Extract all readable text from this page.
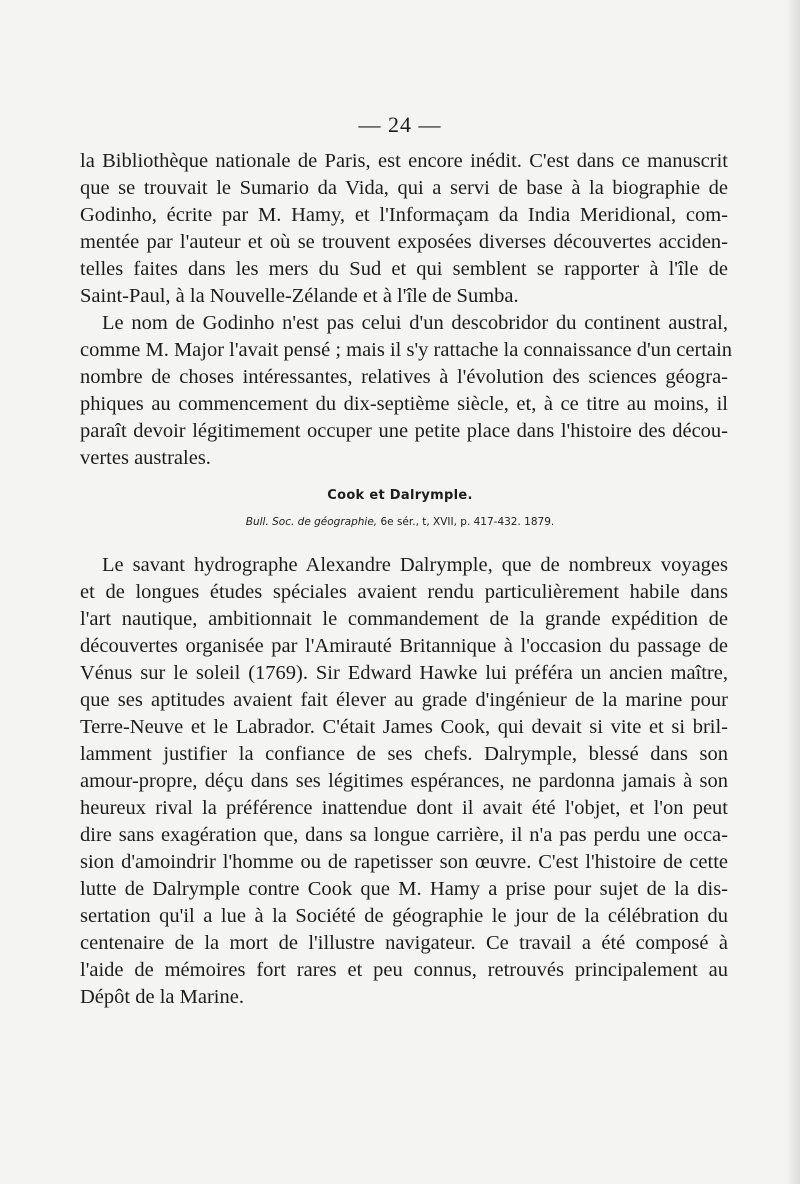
— 24 —
la Bibliothèque nationale de Paris, est encore inédit. C'est dans ce manuscrit
que se trouvait le Sumario da Vida, qui a servi de base à la biographie de
Godinho, écrite par M. Hamy, et l'Informaçam da India Meridional, com-
mentée par l'auteur et où se trouvent exposées diverses découvertes acciden-
telles faites dans les mers du Sud et qui semblent se rapporter à l'île de
Saint-Paul, à la Nouvelle-Zélande et à l'île de Sumba.
Le nom de Godinho n'est pas celui d'un descobridor du continent austral,
comme M. Major l'avait pensé ; mais il s'y rattache la connaissance d'un certain
nombre de choses intéressantes, relatives à l'évolution des sciences géogra-
phiques au commencement du dix-septième siècle, et, à ce titre au moins, il
paraît devoir légitimement occuper une petite place dans l'histoire des décou-
vertes australes.
Cook et Dalrymple.
Bull. Soc. de géographie, 6e sér., t, XVII, p. 417-432. 1879.
Le savant hydrographe Alexandre Dalrymple, que de nombreux voyages
et de longues études spéciales avaient rendu particulièrement habile dans
l'art nautique, ambitionnait le commandement de la grande expédition de
découvertes organisée par l'Amirauté Britannique à l'occasion du passage de
Vénus sur le soleil (1769). Sir Edward Hawke lui préféra un ancien maître,
que ses aptitudes avaient fait élever au grade d'ingénieur de la marine pour
Terre-Neuve et le Labrador. C'était James Cook, qui devait si vite et si bril-
lamment justifier la confiance de ses chefs. Dalrymple, blessé dans son
amour-propre, déçu dans ses légitimes espérances, ne pardonna jamais à son
heureux rival la préférence inattendue dont il avait été l'objet, et l'on peut
dire sans exagération que, dans sa longue carrière, il n'a pas perdu une occa-
sion d'amoindrir l'homme ou de rapetisser son œuvre. C'est l'histoire de cette
lutte de Dalrymple contre Cook que M. Hamy a prise pour sujet de la dis-
sertation qu'il a lue à la Société de géographie le jour de la célébration du
centenaire de la mort de l'illustre navigateur. Ce travail a été composé à
l'aide de mémoires fort rares et peu connus, retrouvés principalement au
Dépôt de la Marine.
